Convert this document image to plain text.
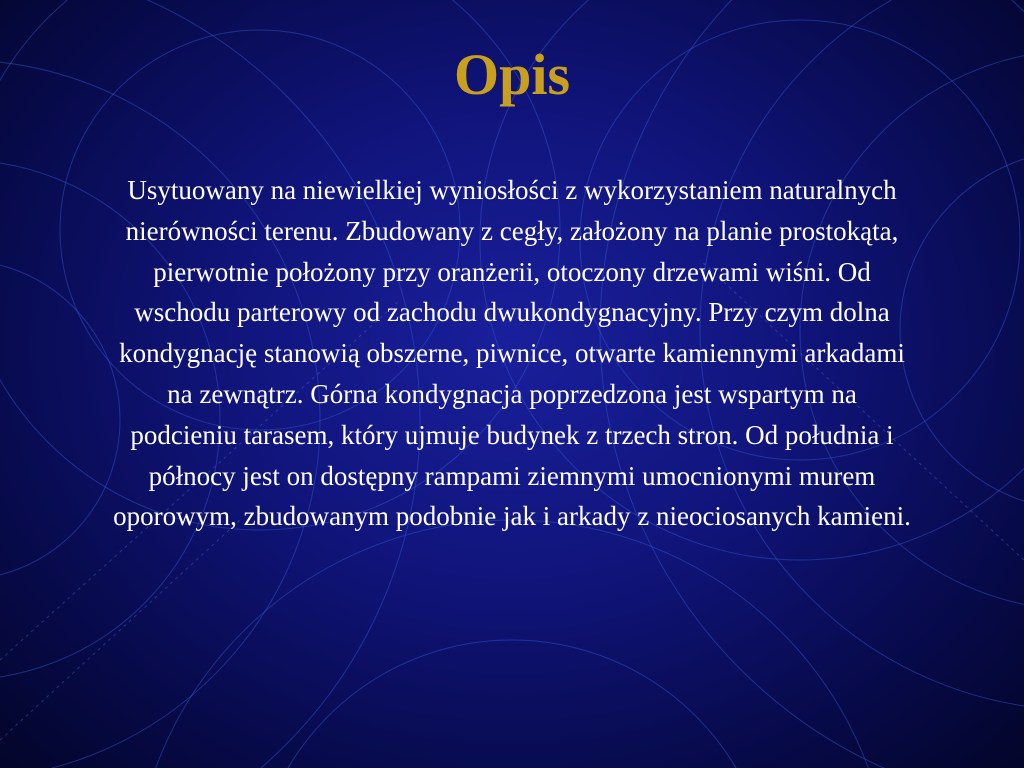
Opis
Usytuowany na niewielkiej wyniosłości z wykorzystaniem naturalnych nierówności terenu. Zbudowany z cegły, założony na planie prostokąta, pierwotnie położony przy oranżerii, otoczony drzewami wiśni. Od wschodu parterowy od zachodu dwukondygnacyjny. Przy czym dolna kondygnację stanowią obszerne, piwnice, otwarte kamiennymi arkadami na zewnątrz. Górna kondygnacja poprzedzona jest wspartym na podcieniu tarasem, który ujmuje budynek z trzech stron. Od południa i północy jest on dostępny rampami ziemnymi umocnionymi murem oporowym, zbudowanym podobnie jak i arkady z nieociosanych kamieni.
